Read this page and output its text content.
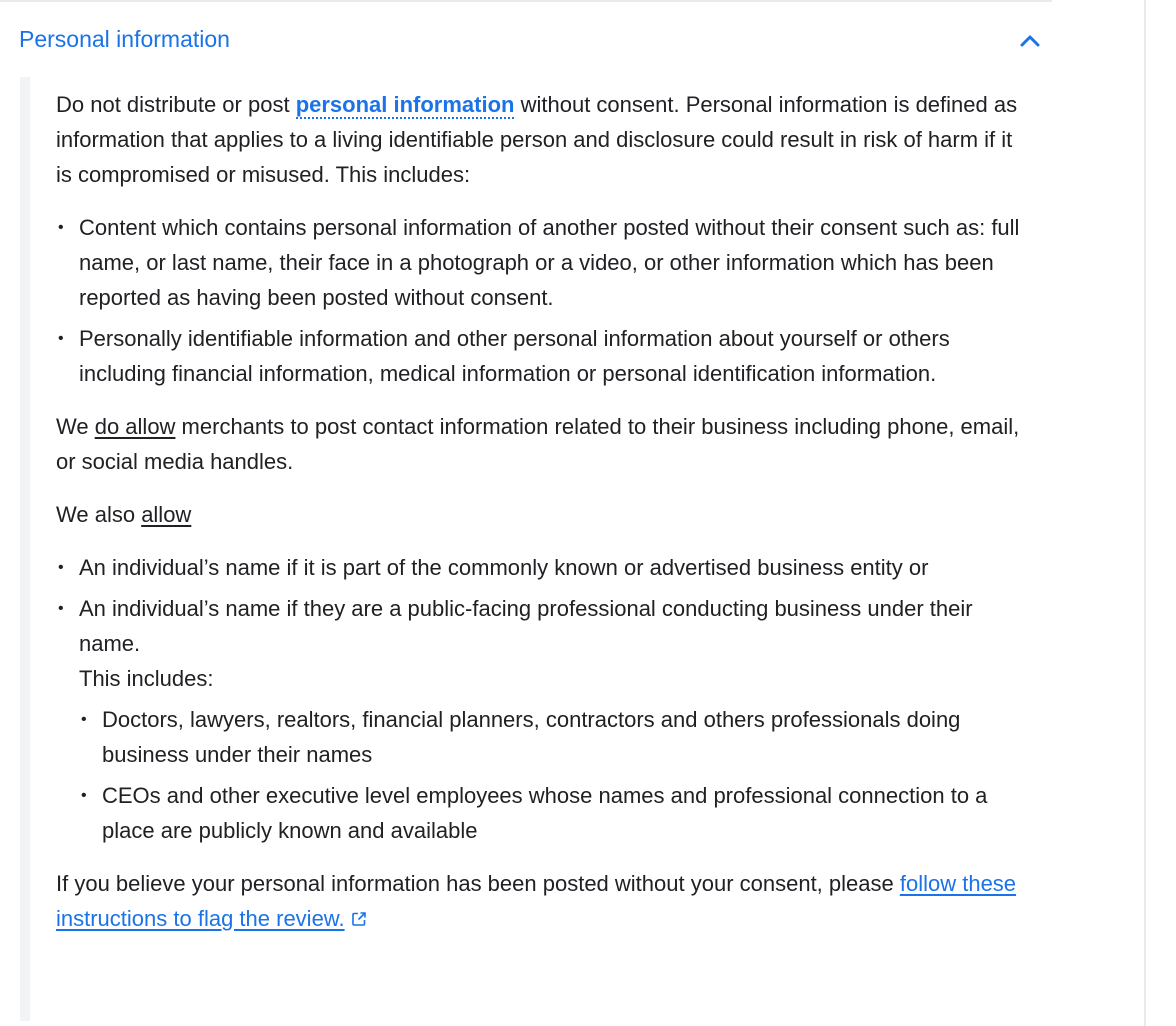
Personal information

Do not distribute or post personal information without consent. Personal information is defined as information that applies to a living identifiable person and disclosure could result in risk of harm if it is compromised or misused. This includes:

• Content which contains personal information of another posted without their consent such as: full name, or last name, their face in a photograph or a video, or other information which has been reported as having been posted without consent.
• Personally identifiable information and other personal information about yourself or others including financial information, medical information or personal identification information.

We do allow merchants to post contact information related to their business including phone, email, or social media handles.

We also allow

• An individual’s name if it is part of the commonly known or advertised business entity or
• An individual’s name if they are a public-facing professional conducting business under their name.
This includes:
• Doctors, lawyers, realtors, financial planners, contractors and others professionals doing business under their names
• CEOs and other executive level employees whose names and professional connection to a place are publicly known and available

If you believe your personal information has been posted without your consent, please follow these instructions to flag the review.
